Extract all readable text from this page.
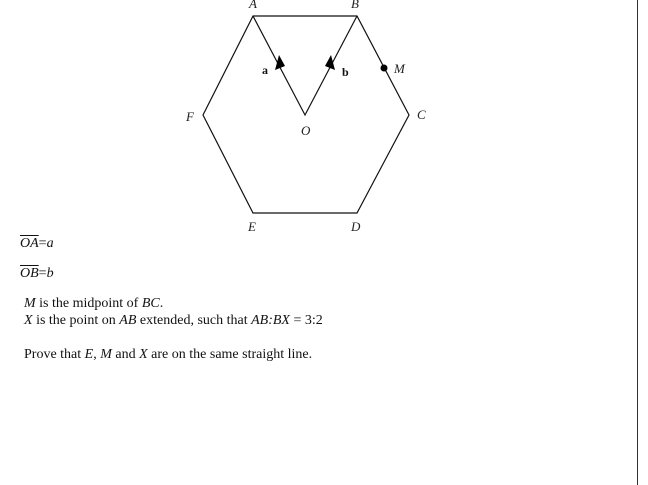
A	B
M
C
F
O
E	D
a	b
$\overline{OA}=a$
$\overline{OB}=b$
M is the midpoint of BC.
X is the point on AB extended, such that AB:BX = 3:2
Prove that E, M and X are on the same straight line.
